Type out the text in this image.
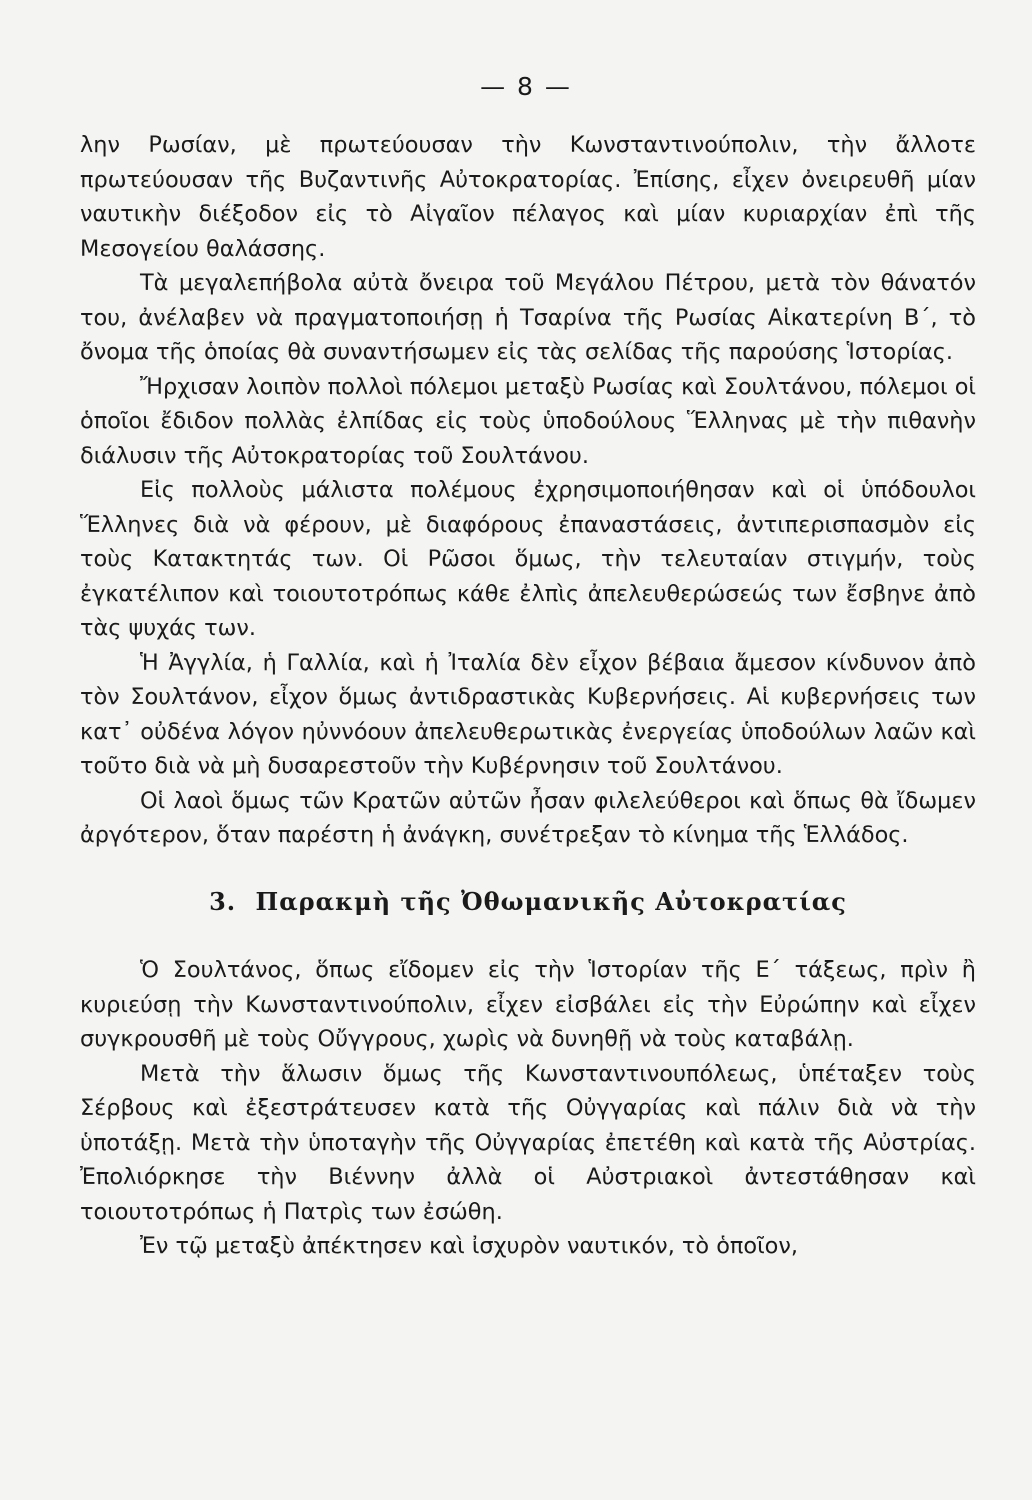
— 8 —

λην Ρωσίαν, μὲ πρωτεύουσαν τὴν Κωνσταντινούπολιν, τὴν ἄλλοτε πρωτεύουσαν τῆς Βυζαντινῆς Αὐτοκρατορίας. Ἐπίσης, εἶχεν ὀνειρευθῆ μίαν ναυτικὴν διέξοδον εἰς τὸ Αἰγαῖον πέλαγος καὶ μίαν κυριαρχίαν ἐπὶ τῆς Μεσογείου θαλάσσης.

Τὰ μεγαλεπήβολα αὐτὰ ὄνειρα τοῦ Μεγάλου Πέτρου, μετὰ τὸν θάνατόν του, ἀνέλαβεν νὰ πραγματοποιήσῃ ἡ Τσαρίνα τῆς Ρωσίας Αἰκατερίνη Β΄, τὸ ὄνομα τῆς ὁποίας θὰ συναντήσωμεν εἰς τὰς σελίδας τῆς παρούσης Ἱστορίας.

Ἤρχισαν λοιπὸν πολλοὶ πόλεμοι μεταξὺ Ρωσίας καὶ Σουλτάνου, πόλεμοι οἱ ὁποῖοι ἔδιδον πολλὰς ἐλπίδας εἰς τοὺς ὑποδούλους Ἕλληνας μὲ τὴν πιθανὴν διάλυσιν τῆς Αὐτοκρατορίας τοῦ Σουλτάνου.

Εἰς πολλοὺς μάλιστα πολέμους ἐχρησιμοποιήθησαν καὶ οἱ ὑπόδουλοι Ἕλληνες διὰ νὰ φέρουν, μὲ διαφόρους ἐπαναστάσεις, ἀντιπερισπασμὸν εἰς τοὺς Κατακτητάς των. Οἱ Ρῶσοι ὅμως, τὴν τελευταίαν στιγμήν, τοὺς ἐγκατέλιπον καὶ τοιουτοτρόπως κάθε ἐλπὶς ἀπελευθερώσεώς των ἔσβηνε ἀπὸ τὰς ψυχάς των.

Ἡ Ἀγγλία, ἡ Γαλλία, καὶ ἡ Ἰταλία δὲν εἶχον βέβαια ἄμεσον κίνδυνον ἀπὸ τὸν Σουλτάνον, εἶχον ὅμως ἀντιδραστικὰς Κυβερνήσεις. Αἱ κυβερνήσεις των κατ᾿ οὐδένα λόγον ηὐννόουν ἀπελευθερωτικὰς ἐνεργείας ὑποδούλων λαῶν καὶ τοῦτο διὰ νὰ μὴ δυσαρεστοῦν τὴν Κυβέρνησιν τοῦ Σουλτάνου.

Οἱ λαοὶ ὅμως τῶν Κρατῶν αὐτῶν ἦσαν φιλελεύθεροι καὶ ὅπως θὰ ἴδωμεν ἀργότερον, ὅταν παρέστη ἡ ἀνάγκη, συνέτρεξαν τὸ κίνημα τῆς Ἑλλάδος.

3. Παρακμὴ τῆς Ὀθωμανικῆς Αὐτοκρατίας

Ὁ Σουλτάνος, ὅπως εἴδομεν εἰς τὴν Ἱστορίαν τῆς Ε΄ τάξεως, πρὶν ἢ κυριεύσῃ τὴν Κωνσταντινούπολιν, εἶχεν εἰσβάλει εἰς τὴν Εὐρώπην καὶ εἶχεν συγκρουσθῆ μὲ τοὺς Οὔγγρους, χωρὶς νὰ δυνηθῇ νὰ τοὺς καταβάλῃ.

Μετὰ τὴν ἅλωσιν ὅμως τῆς Κωνσταντινουπόλεως, ὑπέταξεν τοὺς Σέρβους καὶ ἐξεστράτευσεν κατὰ τῆς Οὐγγαρίας καὶ πάλιν διὰ νὰ τὴν ὑποτάξῃ. Μετὰ τὴν ὑποταγὴν τῆς Οὐγγαρίας ἐπετέθη καὶ κατὰ τῆς Αὐστρίας. Ἐπολιόρκησε τὴν Βιέννην ἀλλὰ οἱ Αὐστριακοὶ ἀντεστάθησαν καὶ τοιουτοτρόπως ἡ Πατρὶς των ἐσώθη.

Ἐν τῷ μεταξὺ ἀπέκτησεν καὶ ἰσχυρὸν ναυτικόν, τὸ ὁποῖον,
